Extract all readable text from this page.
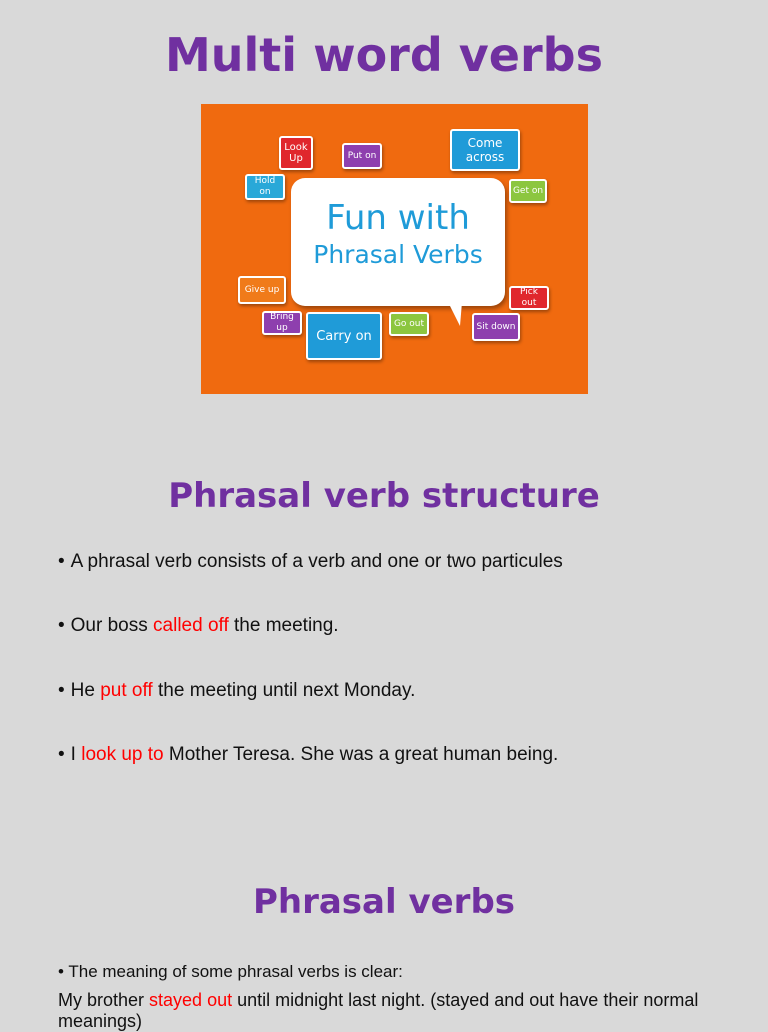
Multi word verbs
Look Up	Put on
Come across
Hold on	Get on
Give up	Pick out
Bring up
Carry on
Go out	Sit down
Fun with
Phrasal Verbs
Phrasal verb structure
• A phrasal verb consists of a verb and one or two particules
• Our boss called off the meeting.
• He put off the meeting until next Monday.
• I look up to Mother Teresa. She was a great human being.
Phrasal verbs
• The meaning of some phrasal verbs is clear:
My brother stayed out until midnight last night. (stayed and out have their normal meanings)
